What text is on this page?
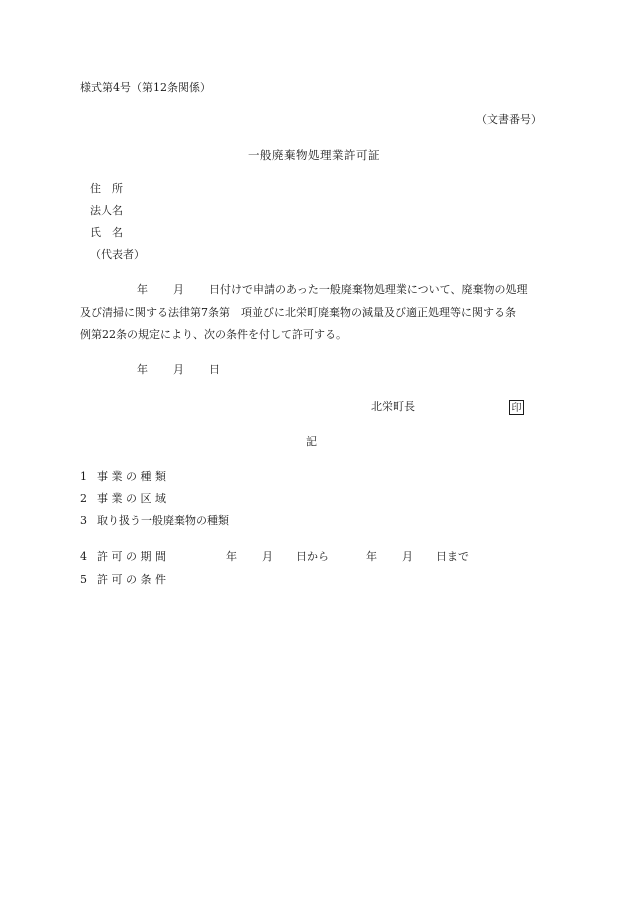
様式第4号（第12条関係）
（文書番号）
一般廃棄物処理業許可証
住　所
法人名
氏　名
（代表者）
年 月 日付けで申請のあった一般廃棄物処理業について、廃棄物の処理
及び清掃に関する法律第7条第　項並びに北栄町廃棄物の減量及び適正処理等に関する条
例第22条の規定により、次の条件を付して許可する。
年 月 日
北栄町長	印
記
1 事 業 の 種 類
2 事 業 の 区 域
3 取り扱う一般廃棄物の種類
4 許 可 の 期 間	年 月 日から	年 月 日まで
5 許 可 の 条 件
